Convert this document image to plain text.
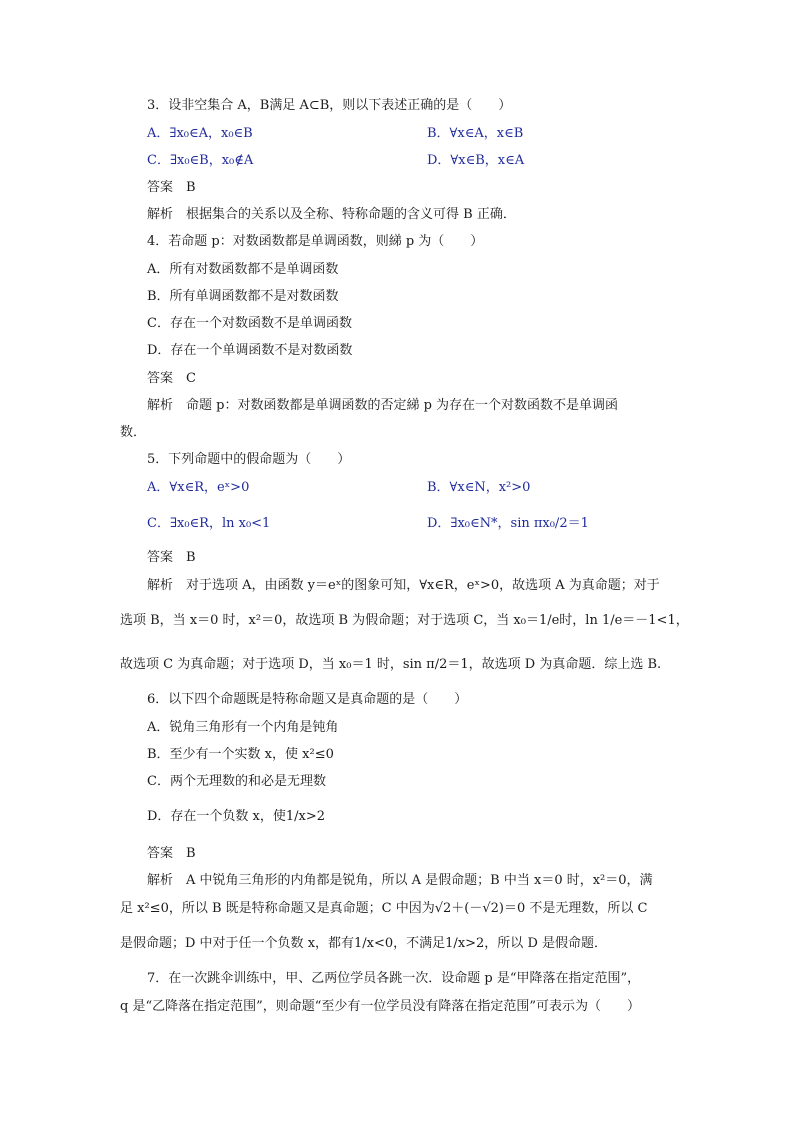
3．设非空集合 A，B满足 A⊂B，则以下表述正确的是（　　）
A．∃x₀∈A，x₀∈B	B．∀x∈A，x∈B
C．∃x₀∈B，x₀∉A	D．∀x∈B，x∈A
答案　B
解析　根据集合的关系以及全称、特称命题的含义可得 B 正确．
4．若命题 p：对数函数都是单调函数，则綈 p 为（　　）
A．所有对数函数都不是单调函数
B．所有单调函数都不是对数函数
C．存在一个对数函数不是单调函数
D．存在一个单调函数不是对数函数
答案　C
解析　命题 p：对数函数都是单调函数的否定綈 p 为存在一个对数函数不是单调函
数．
5．下列命题中的假命题为（　　）
A．∀x∈R，eˣ>0	B．∀x∈N，x²>0
C．∃x₀∈R，ln x₀<1	D．∃x₀∈N*，sin πx₀/2＝1
答案　B
解析　对于选项 A，由函数 y＝eˣ的图象可知，∀x∈R，eˣ>0，故选项 A 为真命题；对于
选项 B，当 x＝0 时，x²＝0，故选项 B 为假命题；对于选项 C，当 x₀＝1/e时，ln 1/e＝－1<1，
故选项 C 为真命题；对于选项 D，当 x₀＝1 时，sin π/2＝1，故选项 D 为真命题．综上选 B.
6．以下四个命题既是特称命题又是真命题的是（　　）
A．锐角三角形有一个内角是钝角
B．至少有一个实数 x，使 x²≤0
C．两个无理数的和必是无理数
D．存在一个负数 x，使1/x>2
答案　B
解析　A 中锐角三角形的内角都是锐角，所以 A 是假命题；B 中当 x＝0 时，x²＝0，满
足 x²≤0，所以 B 既是特称命题又是真命题；C 中因为√2＋(－√2)＝0 不是无理数，所以 C
是假命题；D 中对于任一个负数 x，都有1/x<0，不满足1/x>2，所以 D 是假命题．
7．在一次跳伞训练中，甲、乙两位学员各跳一次．设命题 p 是“甲降落在指定范围”，
q 是“乙降落在指定范围”，则命题“至少有一位学员没有降落在指定范围”可表示为（　　）
